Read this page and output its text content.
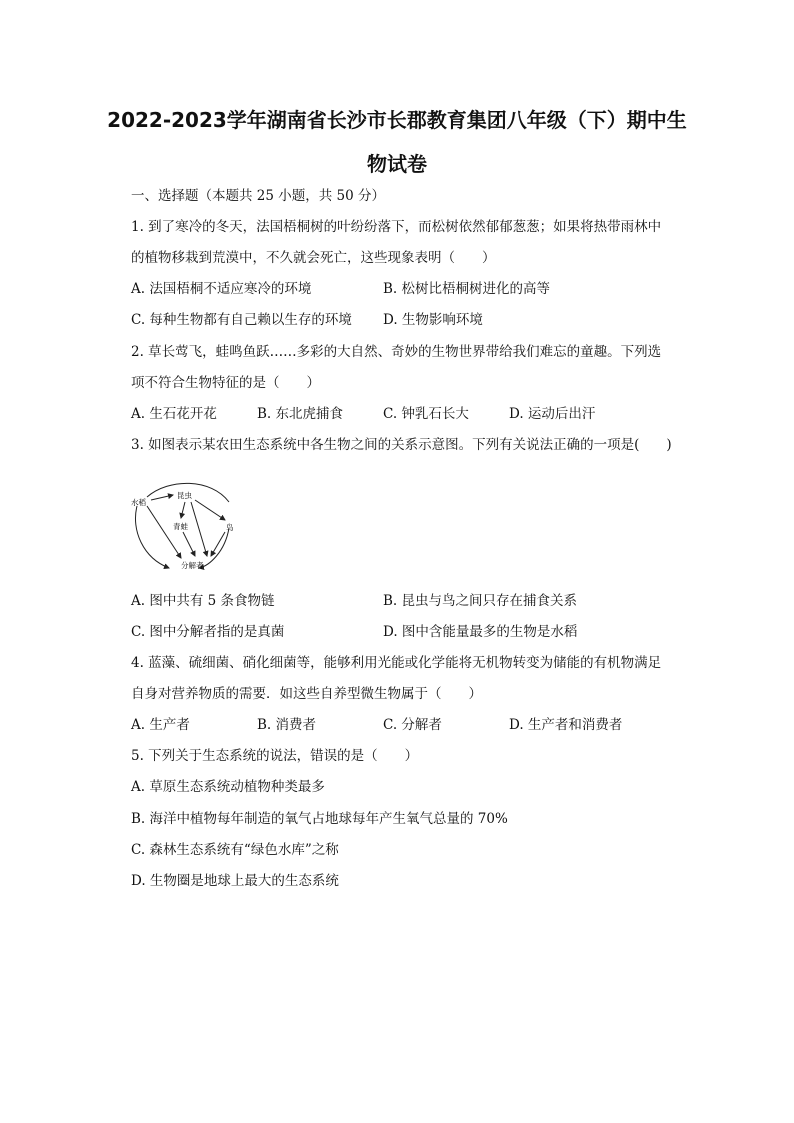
2022-2023学年湖南省长沙市长郡教育集团八年级（下）期中生
物试卷
一、选择题（本题共 25 小题，共 50 分）
1. 到了寒冷的冬天，法国梧桐树的叶纷纷落下，而松树依然郁郁葱葱；如果将热带雨林中
的植物移栽到荒漠中，不久就会死亡，这些现象表明（　　）
A. 法国梧桐不适应寒冷的环境	B. 松树比梧桐树进化的高等
C. 每种生物都有自己赖以生存的环境 D. 生物影响环境
2. 草长莺飞，蛙鸣鱼跃……多彩的大自然、奇妙的生物世界带给我们难忘的童趣。下列选
项不符合生物特征的是（　　）
A. 生石花开花	B. 东北虎捕食	C. 钟乳石长大	D. 运动后出汗
3. 如图表示某农田生态系统中各生物之间的关系示意图。下列有关说法正确的一项是(　　)
水稻
昆虫
青蛙	鸟
分解者
A. 图中共有 5 条食物链	B. 昆虫与鸟之间只存在捕食关系
C. 图中分解者指的是真菌	D. 图中含能量最多的生物是水稻
4. 蓝藻、硫细菌、硝化细菌等，能够利用光能或化学能将无机物转变为储能的有机物满足
自身对营养物质的需要．如这些自养型微生物属于（　　）
A. 生产者	B. 消费者	C. 分解者	D. 生产者和消费者
5. 下列关于生态系统的说法，错误的是（　　）
A. 草原生态系统动植物种类最多
B. 海洋中植物每年制造的氧气占地球每年产生氧气总量的 70%
C. 森林生态系统有“绿色水库”之称
D. 生物圈是地球上最大的生态系统
